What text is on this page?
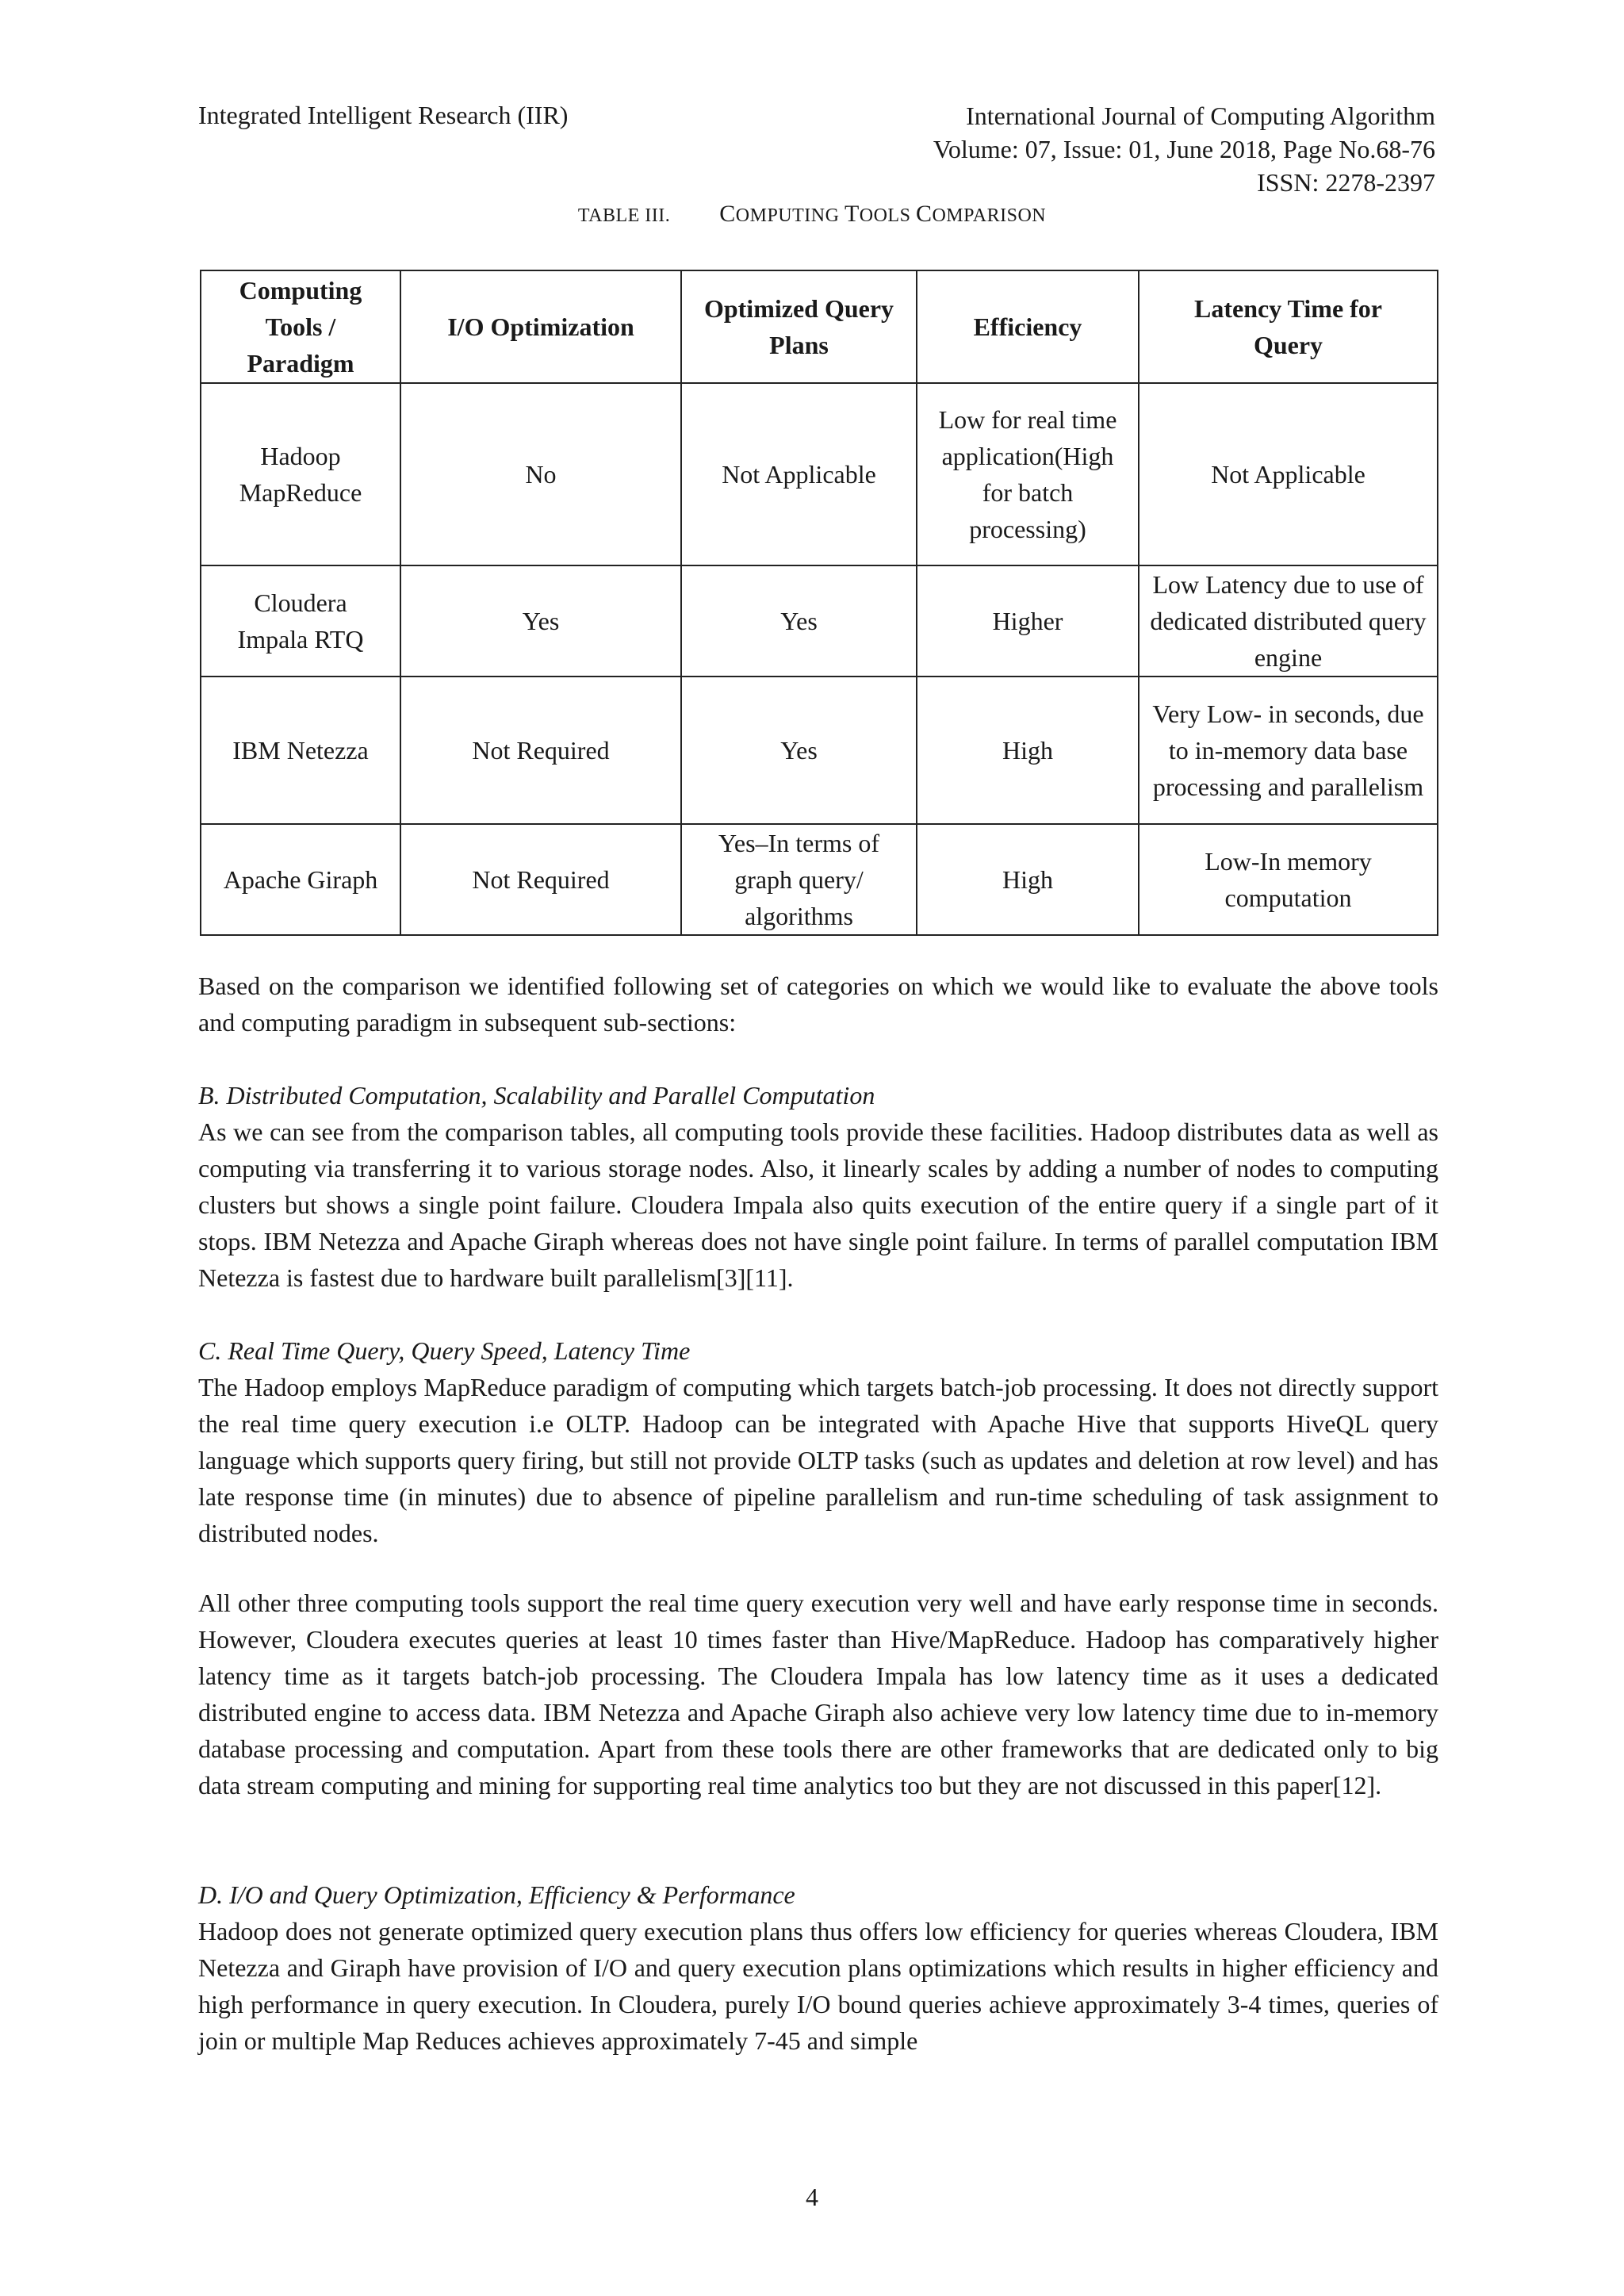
Integrated Intelligent Research (IIR)	International Journal of Computing Algorithm
Volume: 07, Issue: 01, June 2018, Page No.68-76
ISSN: 2278-2397
TABLE III. COMPUTING TOOLS COMPARISON
Computing Tools / Paradigm	I/O Optimization	Optimized Query Plans	Efficiency	Latency Time for Query
Hadoop MapReduce	No	Not Applicable	Low for real time application(High for batch processing)	Not Applicable
Cloudera Impala RTQ	Yes	Yes	Higher	Low Latency due to use of dedicated distributed query engine
IBM Netezza	Not Required	Yes	High	Very Low- in seconds, due to in-memory data base processing and parallelism
Apache Giraph	Not Required	Yes–In terms of graph query/ algorithms	High	Low-In memory computation

Based on the comparison we identified following set of categories on which we would like to evaluate the above tools and computing paradigm in subsequent sub-sections:

B. Distributed Computation, Scalability and Parallel Computation

As we can see from the comparison tables, all computing tools provide these facilities. Hadoop distributes data as well as computing via transferring it to various storage nodes. Also, it linearly scales by adding a number of nodes to computing clusters but shows a single point failure. Cloudera Impala also quits execution of the entire query if a single part of it stops. IBM Netezza and Apache Giraph whereas does not have single point failure. In terms of parallel computation IBM Netezza is fastest due to hardware built parallelism[3][11].

C. Real Time Query, Query Speed, Latency Time

The Hadoop employs MapReduce paradigm of computing which targets batch-job processing. It does not directly support the real time query execution i.e OLTP. Hadoop can be integrated with Apache Hive that supports HiveQL query language which supports query firing, but still not provide OLTP tasks (such as updates and deletion at row level) and has late response time (in minutes) due to absence of pipeline parallelism and run-time scheduling of task assignment to distributed nodes.

All other three computing tools support the real time query execution very well and have early response time in seconds. However, Cloudera executes queries at least 10 times faster than Hive/MapReduce. Hadoop has comparatively higher latency time as it targets batch-job processing. The Cloudera Impala has low latency time as it uses a dedicated distributed engine to access data. IBM Netezza and Apache Giraph also achieve very low latency time due to in-memory database processing and computation. Apart from these tools there are other frameworks that are dedicated only to big data stream computing and mining for supporting real time analytics too but they are not discussed in this paper[12].

D. I/O and Query Optimization, Efficiency & Performance

Hadoop does not generate optimized query execution plans thus offers low efficiency for queries whereas Cloudera, IBM Netezza and Giraph have provision of I/O and query execution plans optimizations which results in higher efficiency and high performance in query execution. In Cloudera, purely I/O bound queries achieve approximately 3-4 times, queries of join or multiple Map Reduces achieves approximately 7-45 and simple

4
